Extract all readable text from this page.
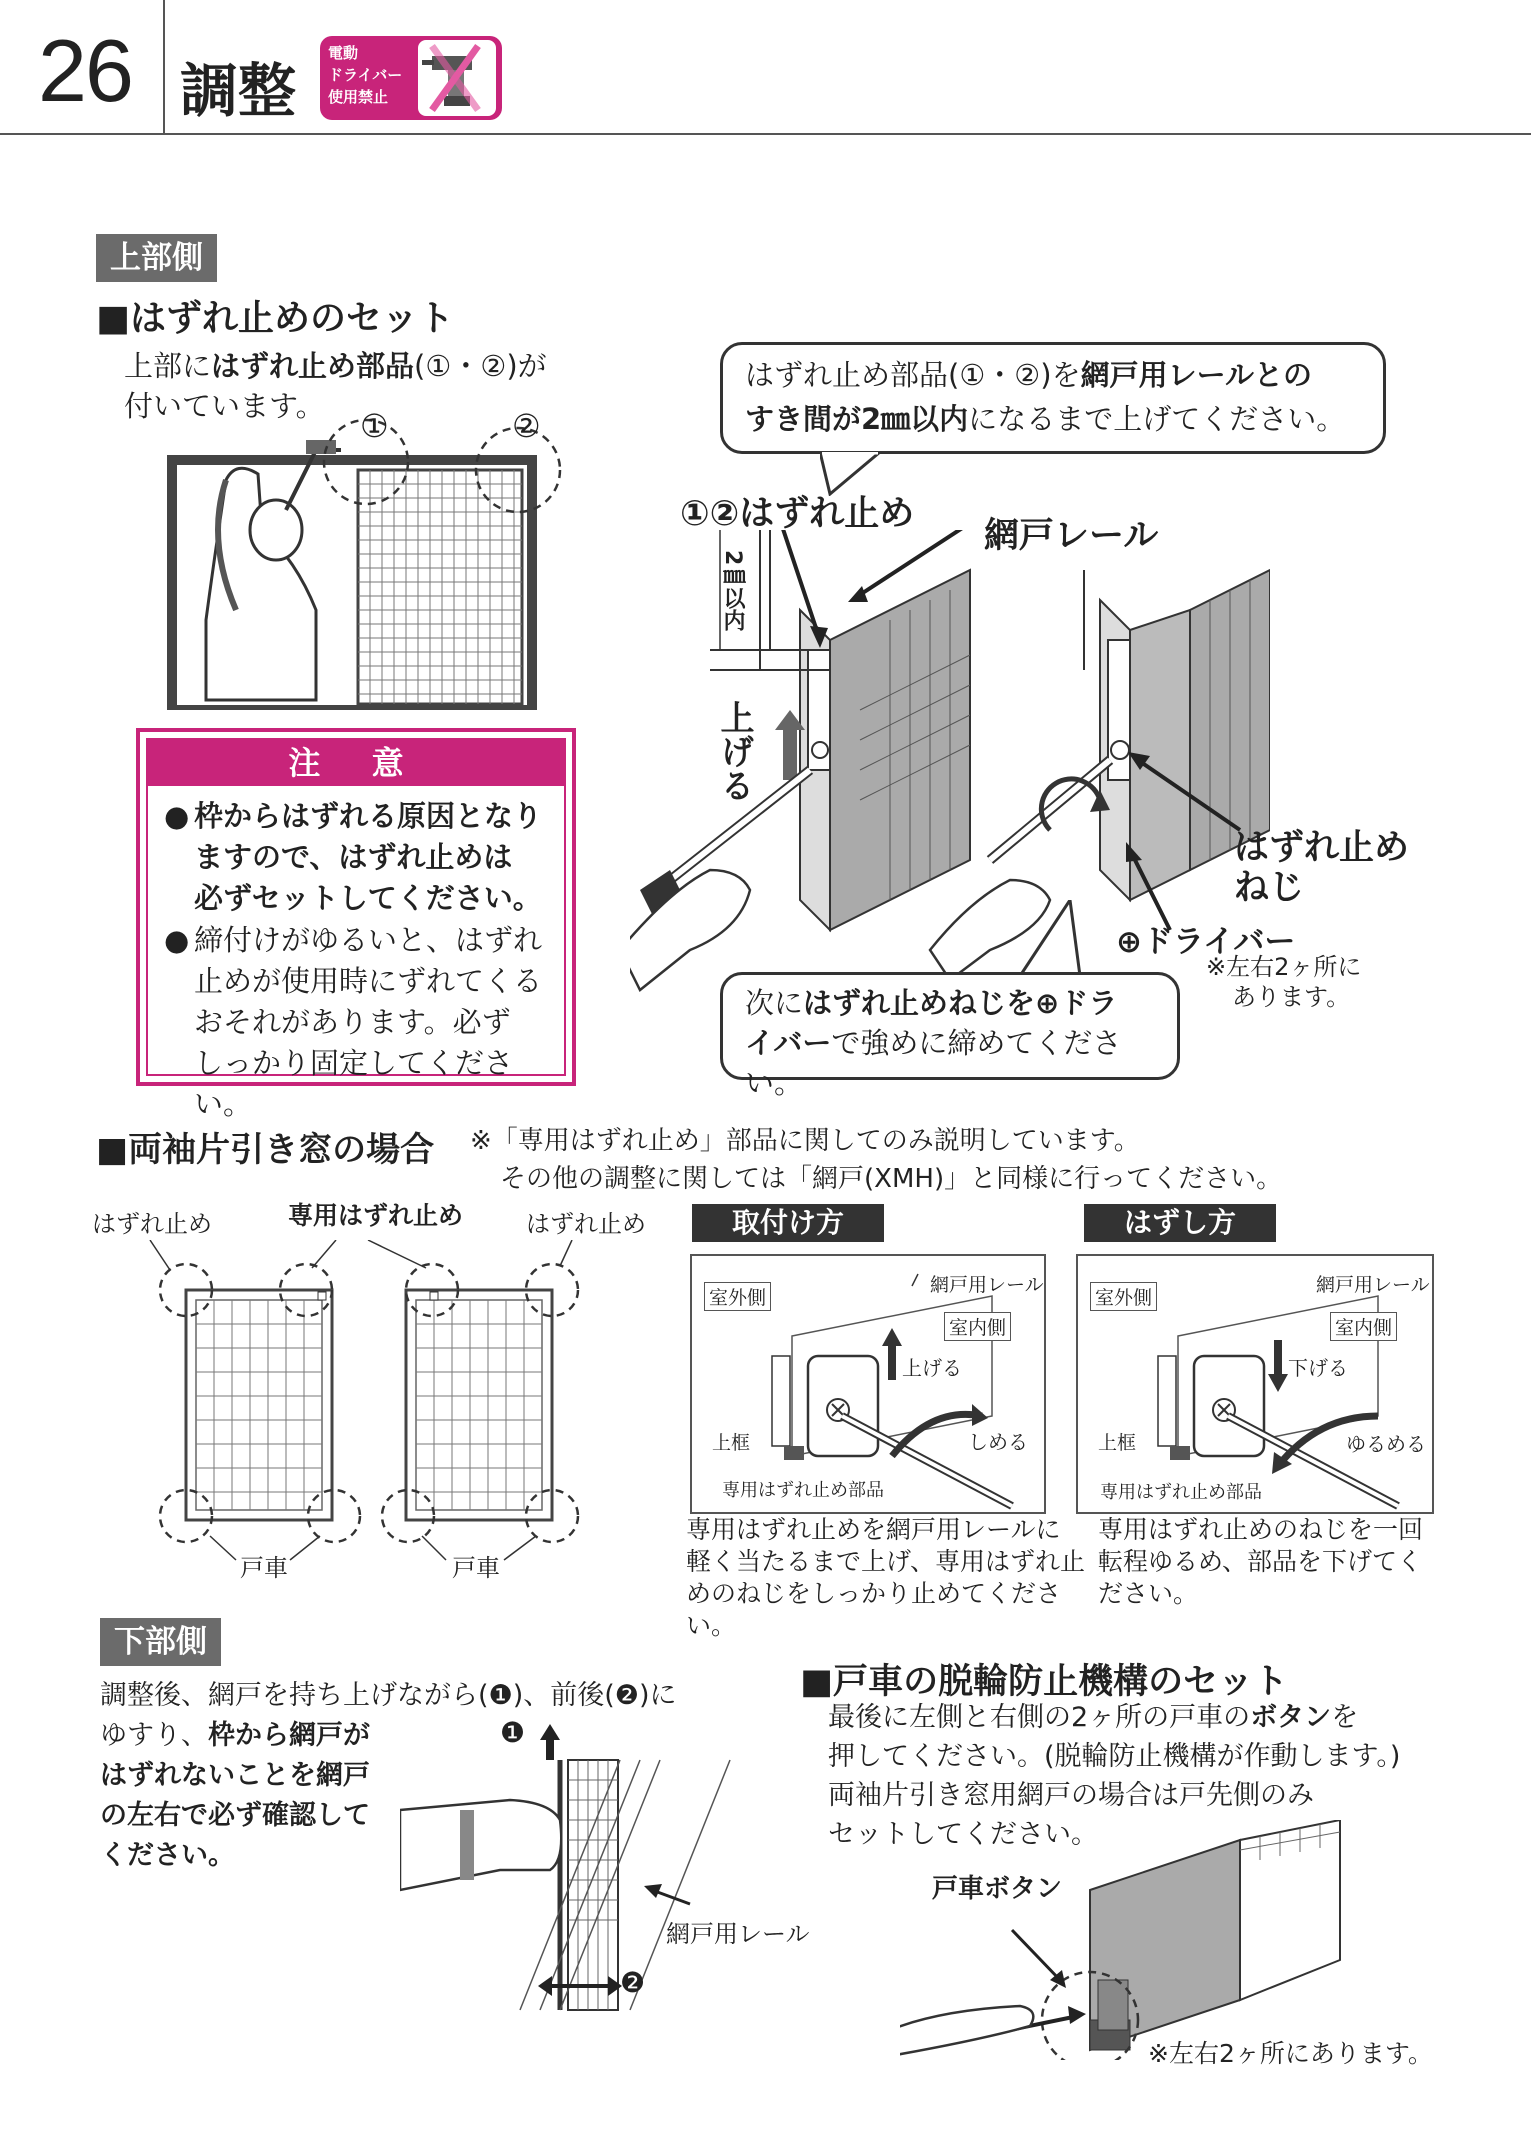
26 調整
電動
ドライバー
使用禁止
上部側
■はずれ止めのセット
上部にはずれ止め部品(①・②)が
付いています。
①	②
注 意
● 枠からはずれる原因となり
ますので、はずれ止めは
必ずセットしてください。
● 締付けがゆるいと、はずれ
止めが使用時にずれてくる
おそれがあります。必ず
しっかり固定してください。
はずれ止め部品(①・②)を網戸用レールとの
すき間が2㎜以内になるまで上げてください。
①②はずれ止め
網戸レール
2㎜以内
上げる
はずれ止め
ねじ
⊕ドライバー
※左右2ヶ所に
あります。
次にはずれ止めねじを⊕ドラ
イバーで強めに締めてください。
■両袖片引き窓の場合 ※「専用はずれ止め」部品に関してのみ説明しています。
その他の調整に関しては「網戸(XMH)」と同様に行ってください。
はずれ止め	専用はずれ止め	はずれ止め
戸車	戸車
取付け方	はずし方
室外側
網戸用レール
室内側
上げる
上框	しめる
専用はずれ止め部品
室外側
網戸用レール
室内側
下げる
上框	ゆるめる
専用はずれ止め部品
専用はずれ止めを網戸用レールに
軽く当たるまで上げ、専用はずれ止
めのねじをしっかり止めてください。
専用はずれ止めのねじを一回
転程ゆるめ、部品を下げてく
ださい。
下部側
調整後、網戸を持ち上げながら(❶)、前後(❷)に
ゆすり、枠から網戸が
はずれないことを網戸
の左右で必ず確認して
ください。
❶
❷
網戸用レール
■戸車の脱輪防止機構のセット
最後に左側と右側の2ヶ所の戸車のボタンを
押してください。(脱輪防止機構が作動します。)
両袖片引き窓用網戸の場合は戸先側のみ
セットしてください。
戸車ボタン
※左右2ヶ所にあります。
